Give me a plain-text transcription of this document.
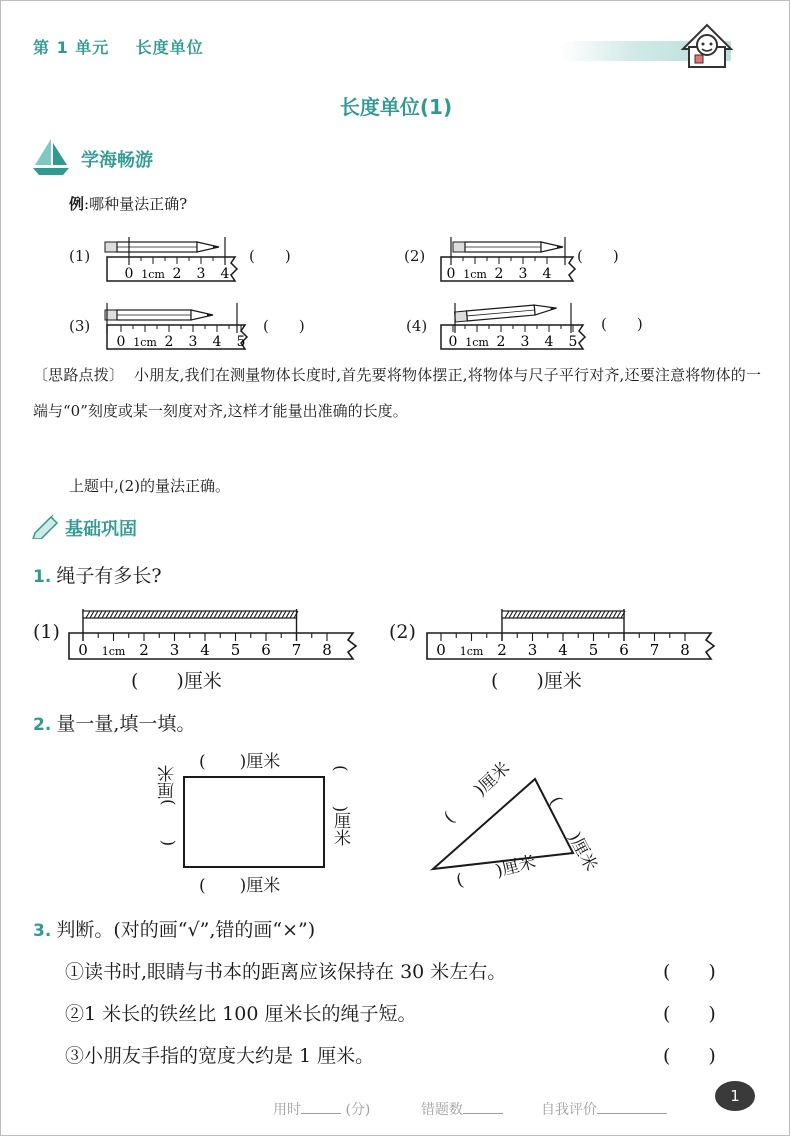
第 1 单元 长度单位
长度单位(1)
学海畅游
例:哪种量法正确?
(1)
0 1cm 2 3 4
(　　)	(2)
0 1cm 2 3 4
(　　)
(3)
0 1cm 2 3 4 5
(　　)	(4)
0 1cm 2 3 4 5
(　　)
〔思路点拨〕 小朋友,我们在测量物体长度时,首先要将物体摆正,将物体与尺子平行对齐,还要注意将物体的一端与“0”刻度或某一刻度对齐,这样才能量出准确的长度。
上题中,(2)的量法正确。
基础巩固
1. 绳子有多长?
(1)
0 1cm 2 3 4 5 6 7 8
(　　)厘米
(2)
0 1cm 2 3 4 5 6 7 8
(　　)厘米
2. 量一量,填一填。
(　　)厘米
(　　)厘米
(　　)厘米	(　　)厘米	(　　)厘米
(　　)厘米
(　　)厘米
3. 判断。(对的画“√”,错的画“×”)
①读书时,眼睛与书本的距离应该保持在 30 米左右。	(　　)
②1 米长的铁丝比 100 厘米长的绳子短。	(　　)
③小朋友手指的宽度大约是 1 厘米。	(　　)
用时	(分)	错题数	自我评价
1
